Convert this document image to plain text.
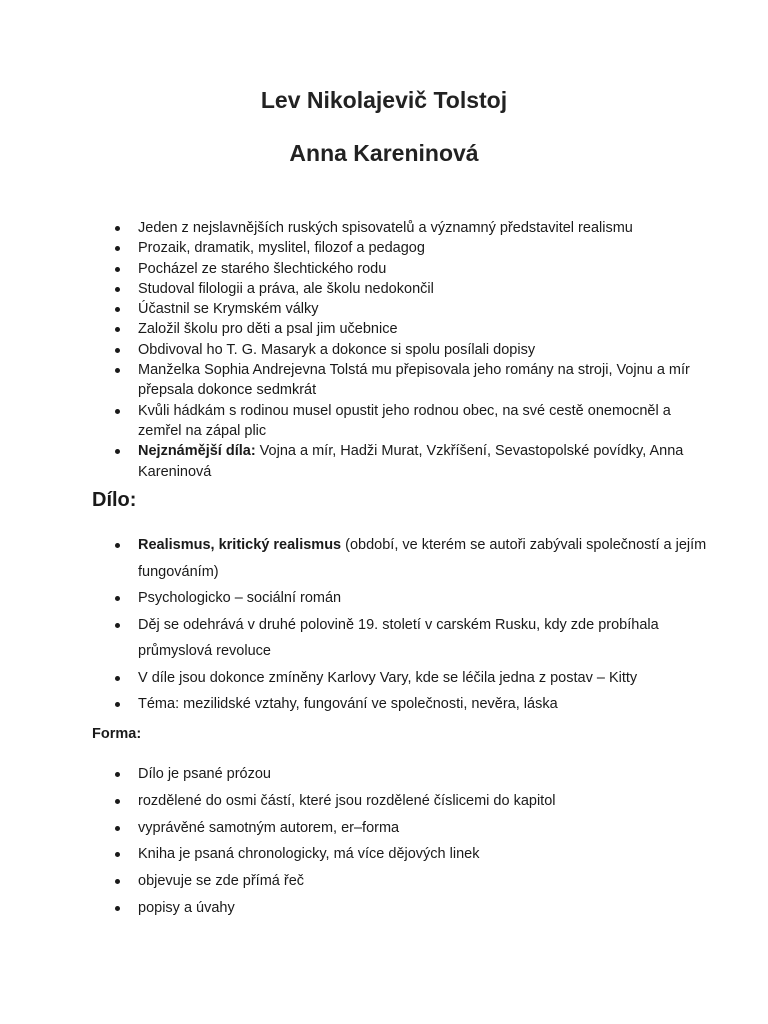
Lev Nikolajevič Tolstoj
Anna Kareninová
Jeden z nejslavnějších ruských spisovatelů a významný představitel realismu
Prozaik, dramatik, myslitel, filozof a pedagog
Pocházel ze starého šlechtického rodu
Studoval filologii a práva, ale školu nedokončil
Účastnil se Krymském války
Založil školu pro děti a psal jim učebnice
Obdivoval ho T. G. Masaryk a dokonce si spolu posílali dopisy
Manželka Sophia Andrejevna Tolstá mu přepisovala jeho romány na stroji, Vojnu a mír přepsala dokonce sedmkrát
Kvůli hádkám s rodinou musel opustit jeho rodnou obec, na své cestě onemocněl a zemřel na zápal plic
Nejznámější díla: Vojna a mír, Hadži Murat, Vzkříšení, Sevastopolské povídky, Anna Kareninová
Dílo:
Realismus, kritický realismus (období, ve kterém se autoři zabývali společností a jejím fungováním)
Psychologicko – sociální román
Děj se odehrává v druhé polovině 19. století v carském Rusku, kdy zde probíhala průmyslová revoluce
V díle jsou dokonce zmíněny Karlovy Vary, kde se léčila jedna z postav – Kitty
Téma: mezilidské vztahy, fungování ve společnosti, nevěra, láska
Forma:
Dílo je psané prózou
rozdělené do osmi částí, které jsou rozdělené číslicemi do kapitol
vyprávěné samotným autorem, er–forma
Kniha je psaná chronologicky, má více dějových linek
objevuje se zde přímá řeč
popisy a úvahy
